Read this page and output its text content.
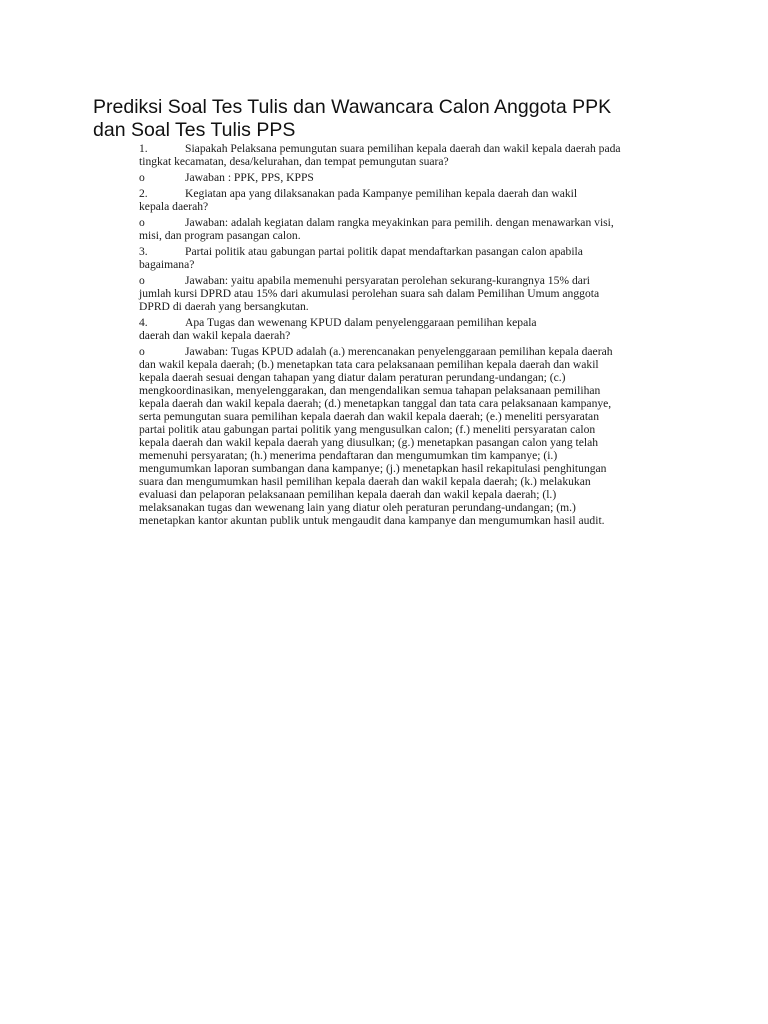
Prediksi Soal Tes Tulis dan Wawancara Calon Anggota PPK
dan Soal Tes Tulis PPS

1.	Siapakah Pelaksana pemungutan suara pemilihan kepala daerah dan wakil kepala daerah pada

tingkat kecamatan, desa/kelurahan, dan tempat pemungutan suara?

o	Jawaban : PPK, PPS, KPPS

2.	Kegiatan apa yang dilaksanakan pada Kampanye pemilihan kepala daerah dan wakil

kepala daerah?

o	Jawaban: adalah kegiatan dalam rangka meyakinkan para pemilih. dengan menawarkan visi,

misi, dan program pasangan calon.

3.	Partai politik atau gabungan partai politik dapat mendaftarkan pasangan calon apabila

bagaimana?

o	Jawaban: yaitu apabila memenuhi persyaratan perolehan sekurang-kurangnya 15% dari

jumlah kursi DPRD atau 15% dari akumulasi perolehan suara sah dalam Pemilihan Umum anggota

DPRD di daerah yang bersangkutan.

4.	Apa Tugas dan wewenang KPUD dalam penyelenggaraan pemilihan kepala

daerah dan wakil kepala daerah?

o	Jawaban: Tugas KPUD adalah (a.) merencanakan penyelenggaraan pemilihan kepala daerah

dan wakil kepala daerah; (b.) menetapkan tata cara pelaksanaan pemilihan kepala daerah dan wakil

kepala daerah sesuai dengan tahapan yang diatur dalam peraturan perundang-undangan; (c.)

mengkoordinasikan, menyelenggarakan, dan mengendalikan semua tahapan pelaksanaan pemilihan

kepala daerah dan wakil kepala daerah; (d.) menetapkan tanggal dan tata cara pelaksanaan kampanye,

serta pemungutan suara pemilihan kepala daerah dan wakil kepala daerah; (e.) meneliti persyaratan

partai politik atau gabungan partai politik yang mengusulkan calon; (f.) meneliti persyaratan calon

kepala daerah dan wakil kepala daerah yang diusulkan; (g.) menetapkan pasangan calon yang telah

memenuhi persyaratan; (h.) menerima pendaftaran dan mengumumkan tim kampanye; (i.)

mengumumkan laporan sumbangan dana kampanye; (j.) menetapkan hasil rekapitulasi penghitungan

suara dan mengumumkan hasil pemilihan kepala daerah dan wakil kepala daerah; (k.) melakukan

evaluasi dan pelaporan pelaksanaan pemilihan kepala daerah dan wakil kepala daerah; (l.)

melaksanakan tugas dan wewenang lain yang diatur oleh peraturan perundang-undangan; (m.)

menetapkan kantor akuntan publik untuk mengaudit dana kampanye dan mengumumkan hasil audit.
